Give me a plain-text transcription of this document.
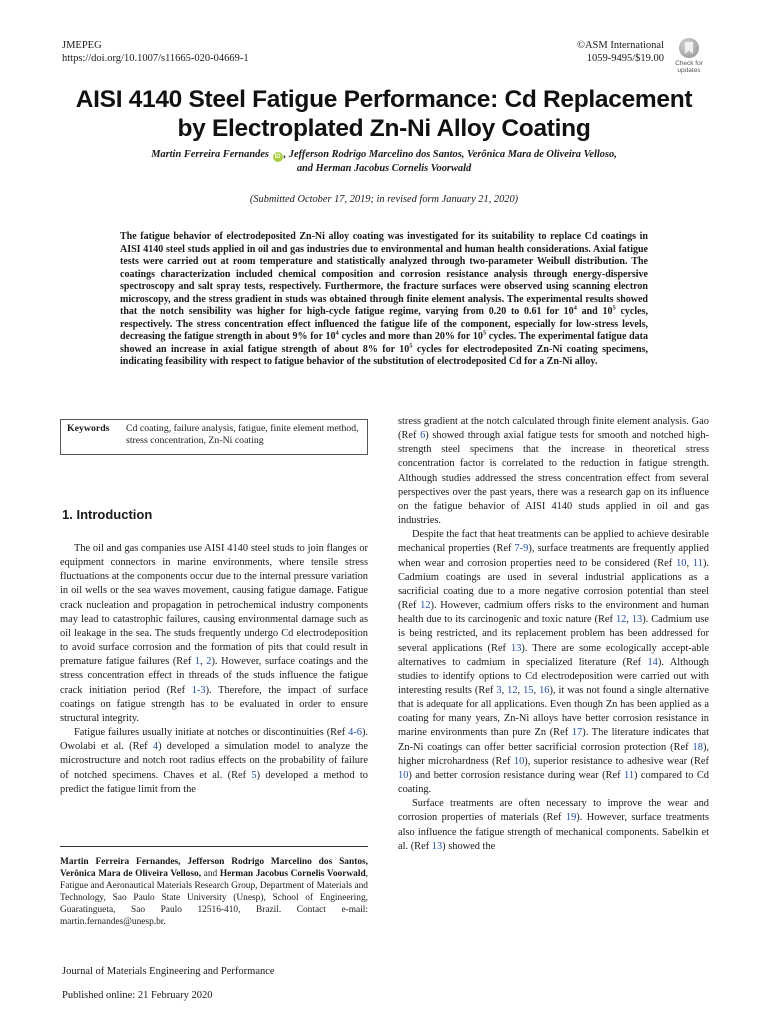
JMEPEG
https://doi.org/10.1007/s11665-020-04669-1
©ASM International
1059-9495/$19.00 Check for
updates
AISI 4140 Steel Fatigue Performance: Cd Replacement
by Electroplated Zn-Ni Alloy Coating
Martin Ferreira Fernandes iD , Jefferson Rodrigo Marcelino dos Santos, Verônica Mara de Oliveira Velloso,
and Herman Jacobus Cornelis Voorwald
(Submitted October 17, 2019; in revised form January 21, 2020)
The fatigue behavior of electrodeposited Zn-Ni alloy coating was investigated for its suitability to replace Cd coatings in AISI 4140 steel studs applied in oil and gas industries due to environmental and human health considerations. Axial fatigue tests were carried out at room temperature and statistically analyzed through two-parameter Weibull distribution. The coatings characterization included chemical composition and corrosion resistance analysis through energy-dispersive spectroscopy and salt spray tests, respectively. Furthermore, the fracture surfaces were observed using scanning electron microscopy, and the stress gradient in studs was obtained through finite element analysis. The experimental results showed that the notch sensibility was higher for high-cycle fatigue regime, varying from 0.20 to 0.61 for $10^4$ and $10^5$ cycles, respectively. The stress concentration effect influenced the fatigue life of the component, especially for low-stress levels, decreasing the fatigue strength in about 9% for $10^4$ cycles and more than 20% for $10^5$ cycles. The experimental fatigue data showed an increase in axial fatigue strength of about 8% for $10^5$ cycles for electrodeposited Zn-Ni coating specimens, indicating feasibility with respect to fatigue behavior of the substitution of electrodeposited Cd for a Zn-Ni alloy.
Keywords	Cd coating, failure analysis, fatigue, finite element method, stress concentration, Zn-Ni coating
1. Introduction

The oil and gas companies use AISI 4140 steel studs to join flanges or equipment connectors in marine environments, where tensile stress fluctuations at the components occur due to the internal pressure variation in oil wells or the sea waves movement, causing fatigue damage. Fatigue crack nucleation and propagation in petrochemical industry components may lead to catastrophic failures, causing environmental damage such as oil leakage in the sea. The studs frequently undergo Cd electrodeposition to avoid surface corrosion and the formation of pits that could result in premature fatigue failures (Ref 1, 2). However, surface coatings and the stress concentration effect in threads of the studs influence the fatigue crack initiation period (Ref 1-3). Therefore, the impact of surface coatings on fatigue strength has to be evaluated in order to ensure structural integrity.

Fatigue failures usually initiate at notches or discontinuities (Ref 4-6). Owolabi et al. (Ref 4) developed a simulation model to analyze the microstructure and notch root radius effects on the probability of failure of notched specimens. Chaves et al. (Ref 5) developed a method to predict the fatigue limit from the

Martin Ferreira Fernandes, Jefferson Rodrigo Marcelino dos Santos, Verônica Mara de Oliveira Velloso, and Herman Jacobus Cornelis Voorwald, Fatigue and Aeronautical Materials Research Group, Department of Materials and Technology, Sao Paulo State University (Unesp), School of Engineering, Guaratingueta, Sao Paulo 12516-410, Brazil. Contact e-mail: martin.fernandes@unesp.br.

stress gradient at the notch calculated through finite element analysis. Gao (Ref 6) showed through axial fatigue tests for smooth and notched high-strength steel specimens that the increase in theoretical stress concentration factor is correlated to the reduction in fatigue strength. Although studies addressed the stress concentration effect from several perspectives over the past years, there was a research gap on its influence on the fatigue behavior of AISI 4140 studs applied in oil and gas industries.

Despite the fact that heat treatments can be applied to achieve desirable mechanical properties (Ref 7-9), surface treatments are frequently applied when wear and corrosion properties need to be considered (Ref 10, 11). Cadmium coatings are used in several industrial applications as a sacrificial coating due to a more negative corrosion potential than steel (Ref 12). However, cadmium offers risks to the environment and human health due to its carcinogenic and toxic nature (Ref 12, 13). Cadmium use is being restricted, and its replacement problem has been addressed for several applications (Ref 13). There are some ecologically accept-able alternatives to cadmium in specialized literature (Ref 14). Although studies to identify options to Cd electrodeposition were carried out with interesting results (Ref 3, 12, 15, 16), it was not found a single alternative that is adequate for all applications. Even though Zn has been applied as a coating for many years, Zn-Ni alloys have better corrosion resistance in marine environments than pure Zn (Ref 17). The literature indicates that Zn-Ni coatings can offer better sacrificial corrosion protection (Ref 18), higher microhardness (Ref 10), superior resistance to adhesive wear (Ref 10) and better corrosion resistance during wear (Ref 11) compared to Cd coating.

Surface treatments are often necessary to improve the wear and corrosion properties of materials (Ref 19). However, surface treatments also influence the fatigue strength of mechanical components. Sabelkin et al. (Ref 13) showed the

Journal of Materials Engineering and Performance
Published online: 21 February 2020
